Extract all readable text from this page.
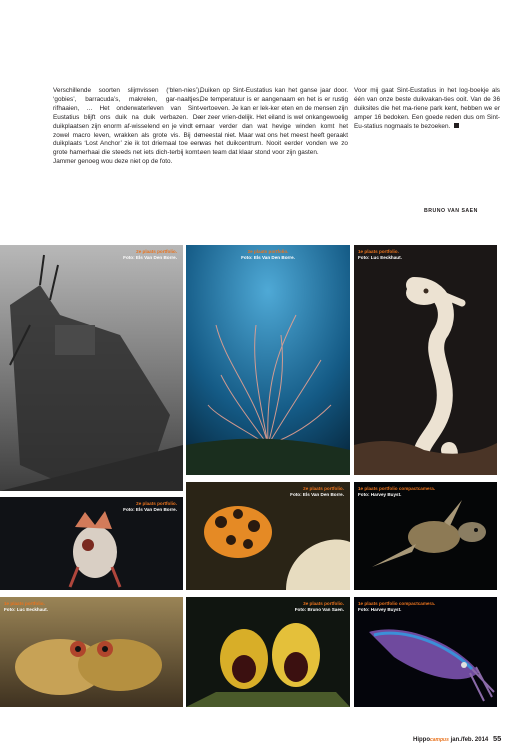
Verschillende soorten slijmvissen (‘blen-nies’), ‘gobies’, barracuda’s, makrelen, gar-naaltjes, rifhaaien, … Het onderwaterleven van Sint-Eustatius blijft ons duik na duik verbazen. De duikplaatsen zijn enorm af-wisselend en je vindt er zowel macro leven, wrakken als grote vis. Bij de duikplaats ‘Lost Anchor’ zie ik tot driemaal toe een grote hamerhaai die steeds net iets dich-terbij komt. Jammer genoeg wou deze niet op de foto.

Duiken op Sint-Eustatius kan het ganse jaar door. De temperatuur is er aangenaam en het is er rustig vertoeven. Je kan er lek-ker eten en de mensen zijn er zeer vrien-delijk. Het eiland is wel onkangewoelig maar verder dan wat hevige winden komt het meestal niet. Maar wat ons het meest heeft geraakt was het duikcentrum. Nooit eerder vonden we zo een team dat klaar stond voor zijn gasten.

Voor mij gaat Sint-Eustatius in het log-boekje als één van onze beste duikvakan-ties ooit. Van de 36 duiksites die het ma-riene park kent, hebben we er amper 16 bedoken. Een goede reden dus om Sint-Eu-statius nogmaals te bezoeken.

BRUNO VAN SAEN
2e plaats portfolio.
Foto: Els Van Den Borre.
2e plaats portfolio.
Foto: Els Van Den Borre.
1e plaats portfolio.
Foto: Luc Eeckhaut.
2e plaats portfolio.
Foto: Els Van Den Borre.
2e plaats portfolio.
Foto: Els Van Den Borre.
1e plaats portfolio compactcamera.
Foto: Harvey Buyst.
1e plaats portfolio.
Foto: Luc Eeckhaut.
3e plaats portfolio.
Foto: Bruno Van Saen.
1e plaats portfolio compactcamera.
Foto: Harvey Buyst.
Hippocampus jan./feb. 2014 55
